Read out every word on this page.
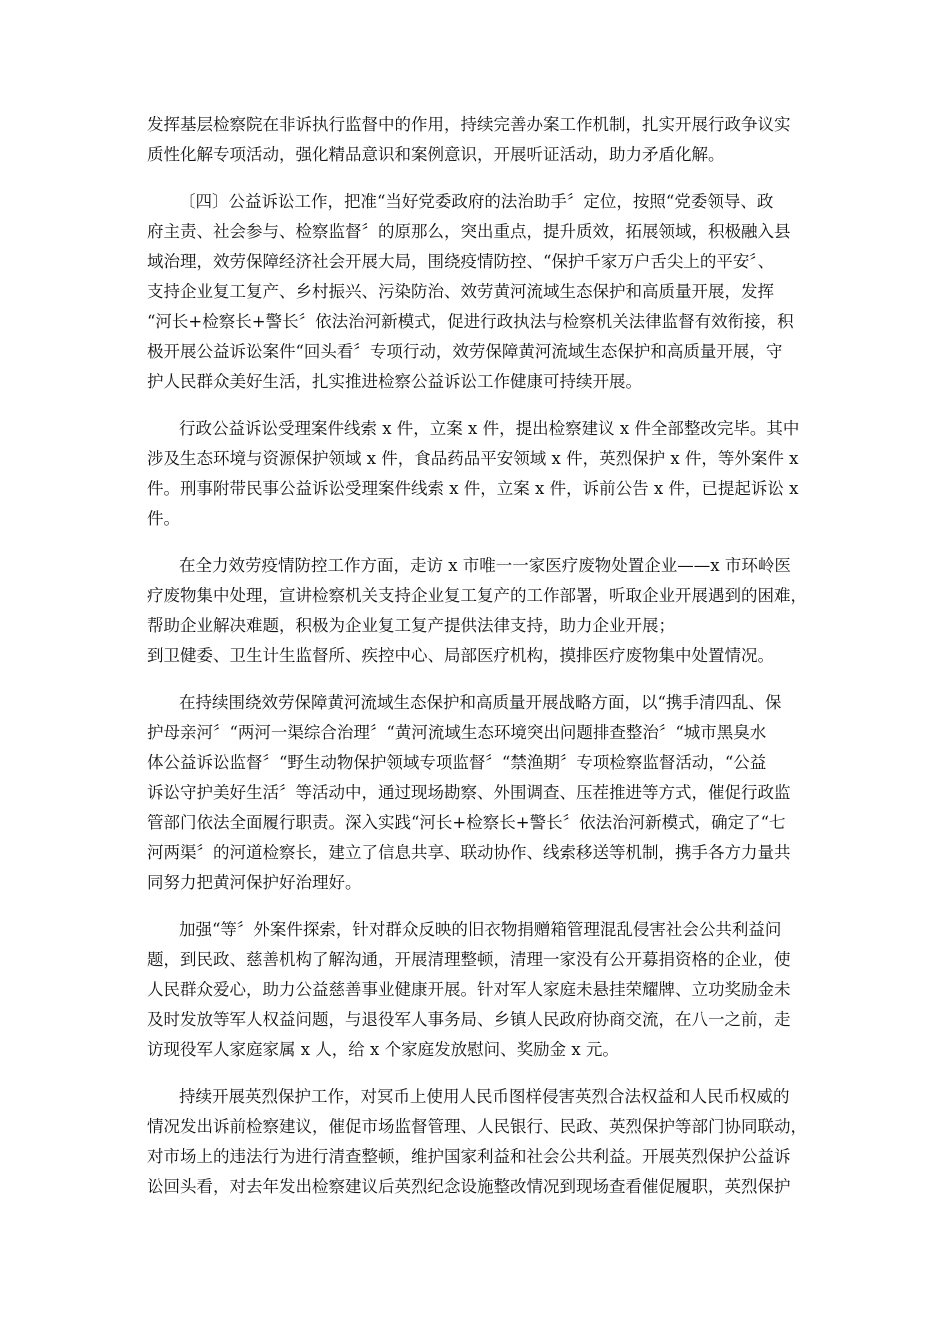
发挥基层检察院在非诉执行监督中的作用，持续完善办案工作机制，扎实开展行政争议实
质性化解专项活动，强化精品意识和案例意识，开展听证活动，助力矛盾化解。
〔四〕公益诉讼工作，把准“当好党委政府的法治助手〞定位，按照“党委领导、政
府主责、社会参与、检察监督〞的原那么，突出重点，提升质效，拓展领域，积极融入县
域治理，效劳保障经济社会开展大局，围绕疫情防控、“保护千家万户舌尖上的平安〞、
支持企业复工复产、乡村振兴、污染防治、效劳黄河流域生态保护和高质量开展，发挥
“河长+检察长+警长〞依法治河新模式，促进行政执法与检察机关法律监督有效衔接，积
极开展公益诉讼案件“回头看〞专项行动，效劳保障黄河流域生态保护和高质量开展，守
护人民群众美好生活，扎实推进检察公益诉讼工作健康可持续开展。
行政公益诉讼受理案件线索 x 件，立案 x 件，提出检察建议 x 件全部整改完毕。其中
涉及生态环境与资源保护领域 x 件，食品药品平安领域 x 件，英烈保护 x 件，等外案件 x
件。刑事附带民事公益诉讼受理案件线索 x 件，立案 x 件，诉前公告 x 件，已提起诉讼 x
件。
在全力效劳疫情防控工作方面，走访 x 市唯一一家医疗废物处置企业——x 市环岭医
疗废物集中处理，宣讲检察机关支持企业复工复产的工作部署，听取企业开展遇到的困难，
帮助企业解决难题，积极为企业复工复产提供法律支持，助力企业开展；
到卫健委、卫生计生监督所、疾控中心、局部医疗机构，摸排医疗废物集中处置情况。
在持续围绕效劳保障黄河流域生态保护和高质量开展战略方面，以“携手清四乱、保
护母亲河〞“两河一渠综合治理〞“黄河流域生态环境突出问题排查整治〞“城市黑臭水
体公益诉讼监督〞“野生动物保护领域专项监督〞“禁渔期〞专项检察监督活动，“公益
诉讼守护美好生活〞等活动中，通过现场勘察、外围调查、压茬推进等方式，催促行政监
管部门依法全面履行职责。深入实践“河长+检察长+警长〞依法治河新模式，确定了“七
河两渠〞的河道检察长，建立了信息共享、联动协作、线索移送等机制，携手各方力量共
同努力把黄河保护好治理好。
加强“等〞外案件探索，针对群众反映的旧衣物捐赠箱管理混乱侵害社会公共利益问
题，到民政、慈善机构了解沟通，开展清理整顿，清理一家没有公开募捐资格的企业，使
人民群众爱心，助力公益慈善事业健康开展。针对军人家庭未悬挂荣耀牌、立功奖励金未
及时发放等军人权益问题，与退役军人事务局、乡镇人民政府协商交流，在八一之前，走
访现役军人家庭家属 x 人，给 x 个家庭发放慰问、奖励金 x 元。
持续开展英烈保护工作，对冥币上使用人民币图样侵害英烈合法权益和人民币权威的
情况发出诉前检察建议，催促市场监督管理、人民银行、民政、英烈保护等部门协同联动，
对市场上的违法行为进行清查整顿，维护国家利益和社会公共利益。开展英烈保护公益诉
讼回头看，对去年发出检察建议后英烈纪念设施整改情况到现场查看催促履职，英烈保护
